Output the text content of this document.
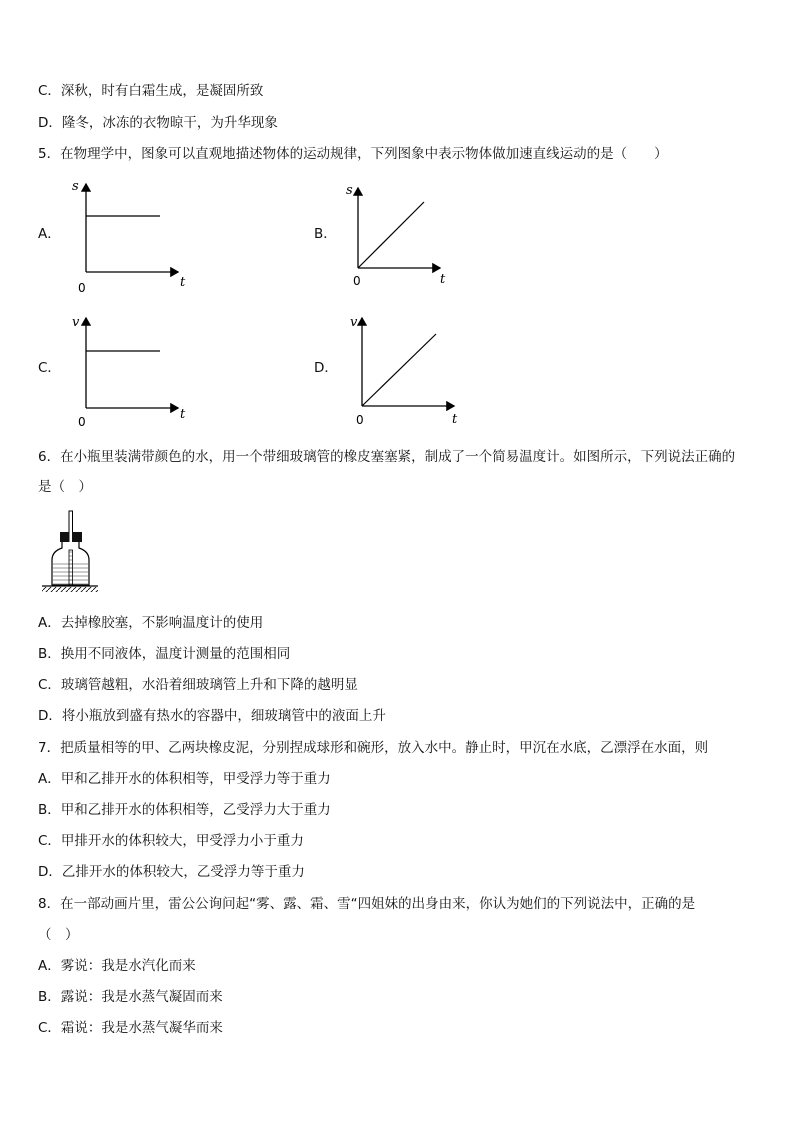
C．深秋，时有白霜生成，是凝固所致
D．隆冬，冰冻的衣物晾干，为升华现象
5．在物理学中，图象可以直观地描述物体的运动规律，下列图象中表示物体做加速直线运动的是（　　）
A．
s
t
0
B．
s
t
0
C．
v
t
0
D．
v
t
0
6．在小瓶里装满带颜色的水，用一个带细玻璃管的橡皮塞塞紧，制成了一个简易温度计。如图所示，下列说法正确的
是（　）
A．去掉橡胶塞，不影响温度计的使用
B．换用不同液体，温度计测量的范围相同
C．玻璃管越粗，水沿着细玻璃管上升和下降的越明显
D．将小瓶放到盛有热水的容器中，细玻璃管中的液面上升
7．把质量相等的甲、乙两块橡皮泥，分别捏成球形和碗形，放入水中。静止时，甲沉在水底，乙漂浮在水面，则
A．甲和乙排开水的体积相等，甲受浮力等于重力
B．甲和乙排开水的体积相等，乙受浮力大于重力
C．甲排开水的体积较大，甲受浮力小于重力
D．乙排开水的体积较大，乙受浮力等于重力
8．在一部动画片里，雷公公询问起“雾、露、霜、雪“四姐妹的出身由来，你认为她们的下列说法中，正确的是
（　）
A．雾说：我是水汽化而来
B．露说：我是水蒸气凝固而来
C．霜说：我是水蒸气凝华而来
